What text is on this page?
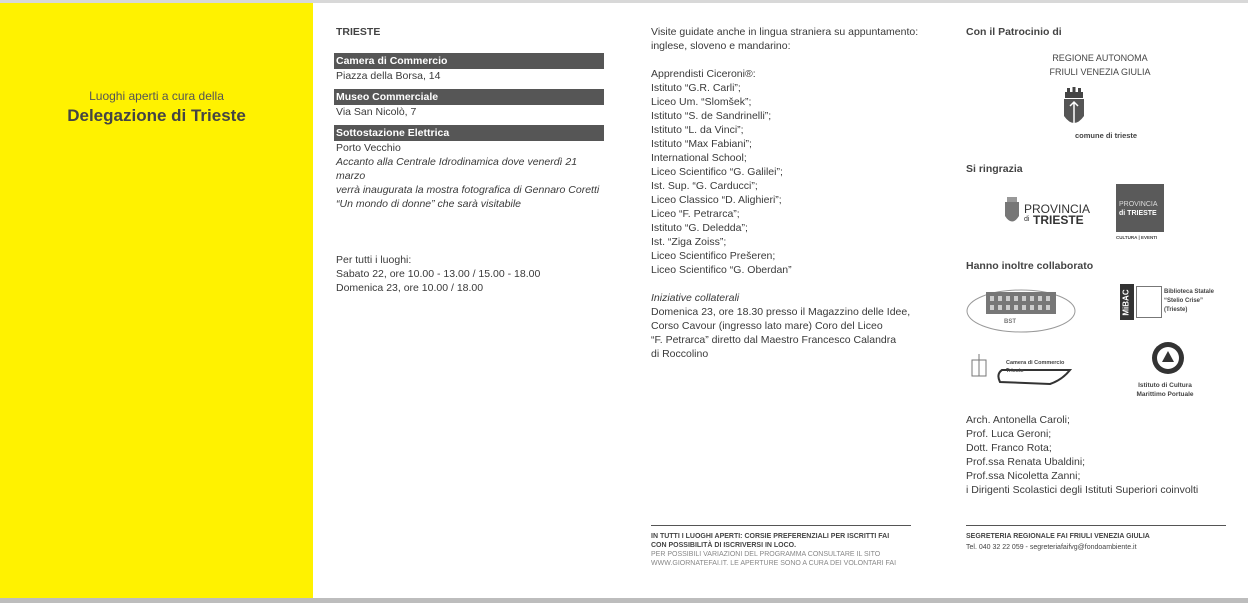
Luoghi aperti a cura della
Delegazione di Trieste
TRIESTE
Camera di Commercio
Piazza della Borsa, 14
Museo Commerciale
Via San Nicolò, 7
Sottostazione Elettrica
Porto Vecchio
Accanto alla Centrale Idrodinamica dove venerdì 21 marzo
verrà inaugurata la mostra fotografica di Gennaro Coretti
“Un mondo di donne” che sarà visitabile
Per tutti i luoghi:
Sabato 22, ore 10.00 - 13.00 / 15.00 - 18.00
Domenica 23, ore 10.00 / 18.00
Visite guidate anche in lingua straniera su appuntamento:
inglese, sloveno e mandarino:
Apprendisti Ciceroni®:
Istituto “G.R. Carli”;
Liceo Um. “Slomšek”;
Istituto “S. de Sandrinelli”;
Istituto “L. da Vinci”;
Istituto “Max Fabiani”;
International School;
Liceo Scientifico “G. Galilei”;
Ist. Sup. “G. Carducci”;
Liceo Classico “D. Alighieri”;
Liceo “F. Petrarca”;
Istituto “G. Deledda”;
Ist. “Ziga Zoiss”;
Liceo Scientifico Prešeren;
Liceo Scientifico “G. Oberdan”
Iniziative collaterali
Domenica 23, ore 18.30 presso il Magazzino delle Idee,
Corso Cavour (ingresso lato mare) Coro del Liceo
“F. Petrarca” diretto dal Maestro Francesco Calandra
di Roccolino
IN TUTTI I LUOGHI APERTI: CORSIE PREFERENZIALI PER ISCRITTI FAI
CON POSSIBILITÀ DI ISCRIVERSI IN LOCO.
PER POSSIBILI VARIAZIONI DEL PROGRAMMA CONSULTARE IL SITO
WWW.GIORNATEFAI.IT. LE APERTURE SONO A CURA DEI VOLONTARI FAI
Con il Patrocinio di
REGIONE AUTONOMA
FRIULI VENEZIA GIULIA
comune di trieste
Si ringrazia
PROVINCIA
di TRIESTE
PROVINCIA
di TRIESTE
CULTURA | EVENTI
Hanno inoltre collaborato
BST
MiBAC	Biblioteca Statale
“Stelio Crise”
(Trieste)
Camera di Commercio
Trieste
Istituto di Cultura
Marittimo Portuale
Arch. Antonella Caroli;
Prof. Luca Geroni;
Dott. Franco Rota;
Prof.ssa Renata Ubaldini;
Prof.ssa Nicoletta Zanni;
i Dirigenti Scolastici degli Istituti Superiori coinvolti
SEGRETERIA REGIONALE FAI FRIULI VENEZIA GIULIA
Tel. 040 32 22 059 - segreteriafaifvg@fondoambiente.it
